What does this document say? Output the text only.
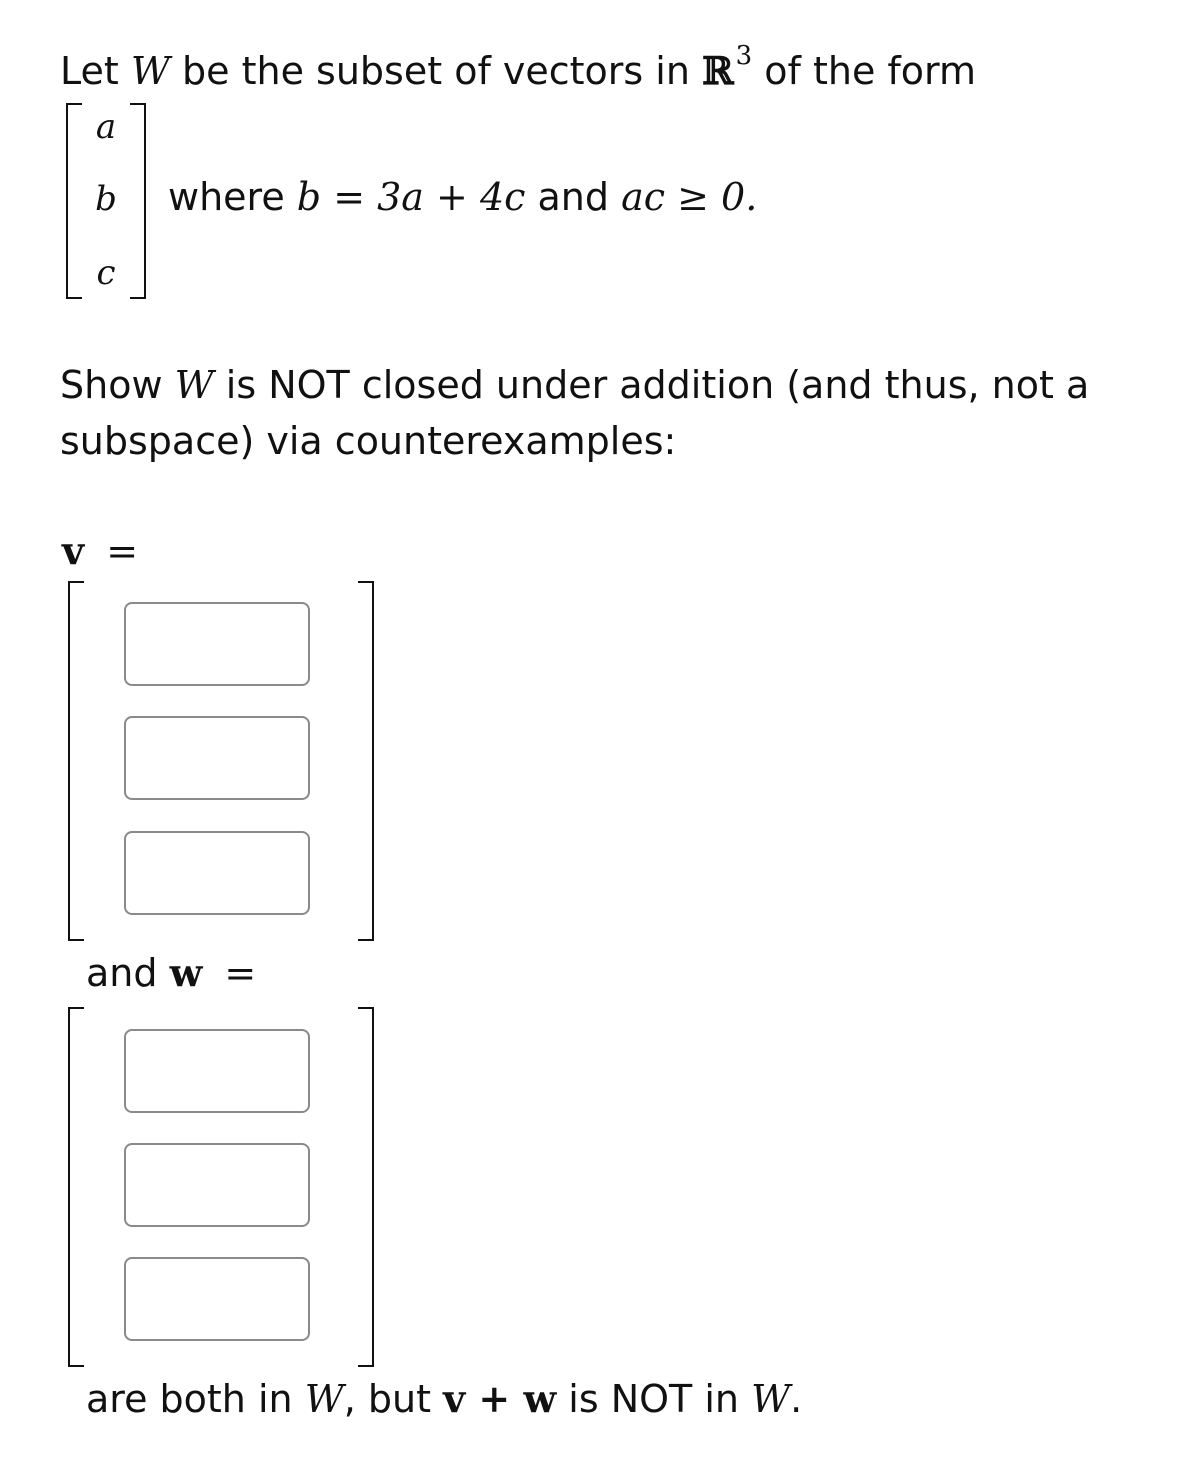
Let W be the subset of vectors in ℝ$^3$ of the form
a
b
c
where b = 3a + 4c and ac ≥ 0.
Show W is NOT closed under addition (and thus, not a
subspace) via counterexamples:
v =
and w =
are both in W, but v + w is NOT in W.
